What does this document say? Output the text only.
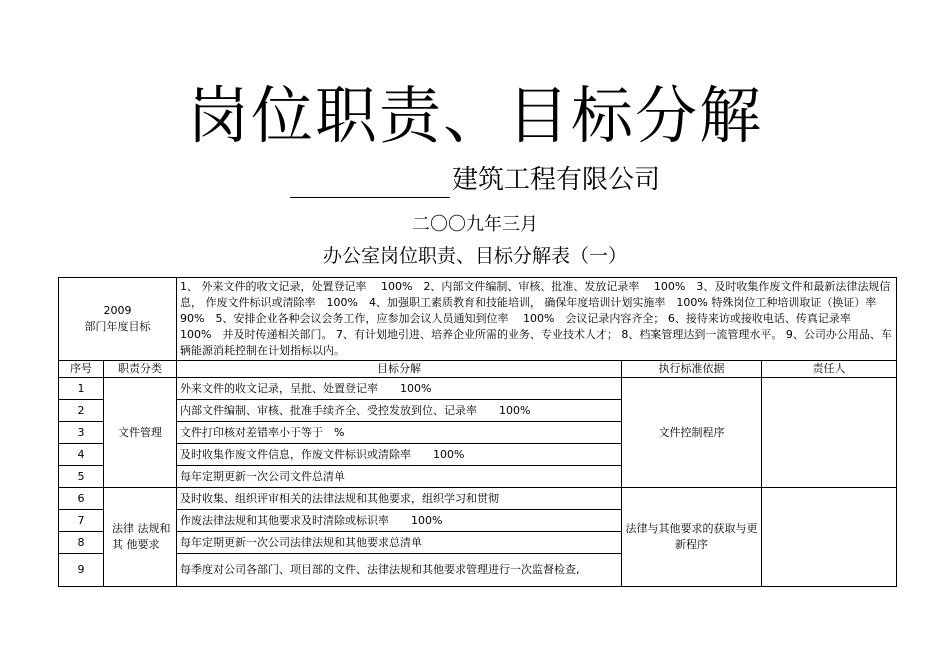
岗位职责、目标分解
建筑工程有限公司
二〇〇九年三月
办公室岗位职责、目标分解表（一）
2009
部门年度目标		1、 外来文件的收文记录，处置登记率　 100%　2、内部文件编制、审核、批准、发放记录率　 100%　3、及时收集作废文件和最新法律法规信息， 作废文件标识或清除率　100%　4、加强职工素质教育和技能培训， 确保年度培训计划实施率　100% 特殊岗位工种培训取证（换证）率　 90%　5、安排企业各种会议会务工作，应参加会议人员通知到位率　 100%　会议记录内容齐全； 6、接待来访或接收电话、传真记录率　 100%　并及时传递相关部门。 7、有计划地引进、培养企业所需的业务、专业技术人才； 8、档案管理达到一流管理水平。 9、公司办公用品、车辆能源消耗控制在计划指标以内。		
序号	职责分类	目标分解	执行标准依据	责任人
1	文件管理	外来文件的收文记录，呈批、处置登记率　　100%	文件控制程序	
2		内部文件编制、审核、批准手续齐全、受控发放到位、记录率　　100%		
3		文件打印核对差错率小于等于　%		
4		及时收集作废文件信息，作废文件标识或清除率　　100%		
5		每年定期更新一次公司文件总清单		
6	法律 法规和其 他要求	及时收集、组织评审相关的法律法规和其他要求，组织学习和贯彻	法律与其他要求的获取与更新程序	
7		作废法律法规和其他要求及时清除或标识率　　100%		
8		每年定期更新一次公司法律法规和其他要求总清单		
9		每季度对公司各部门、项目部的文件、法律法规和其他要求管理进行一次监督检查,		
